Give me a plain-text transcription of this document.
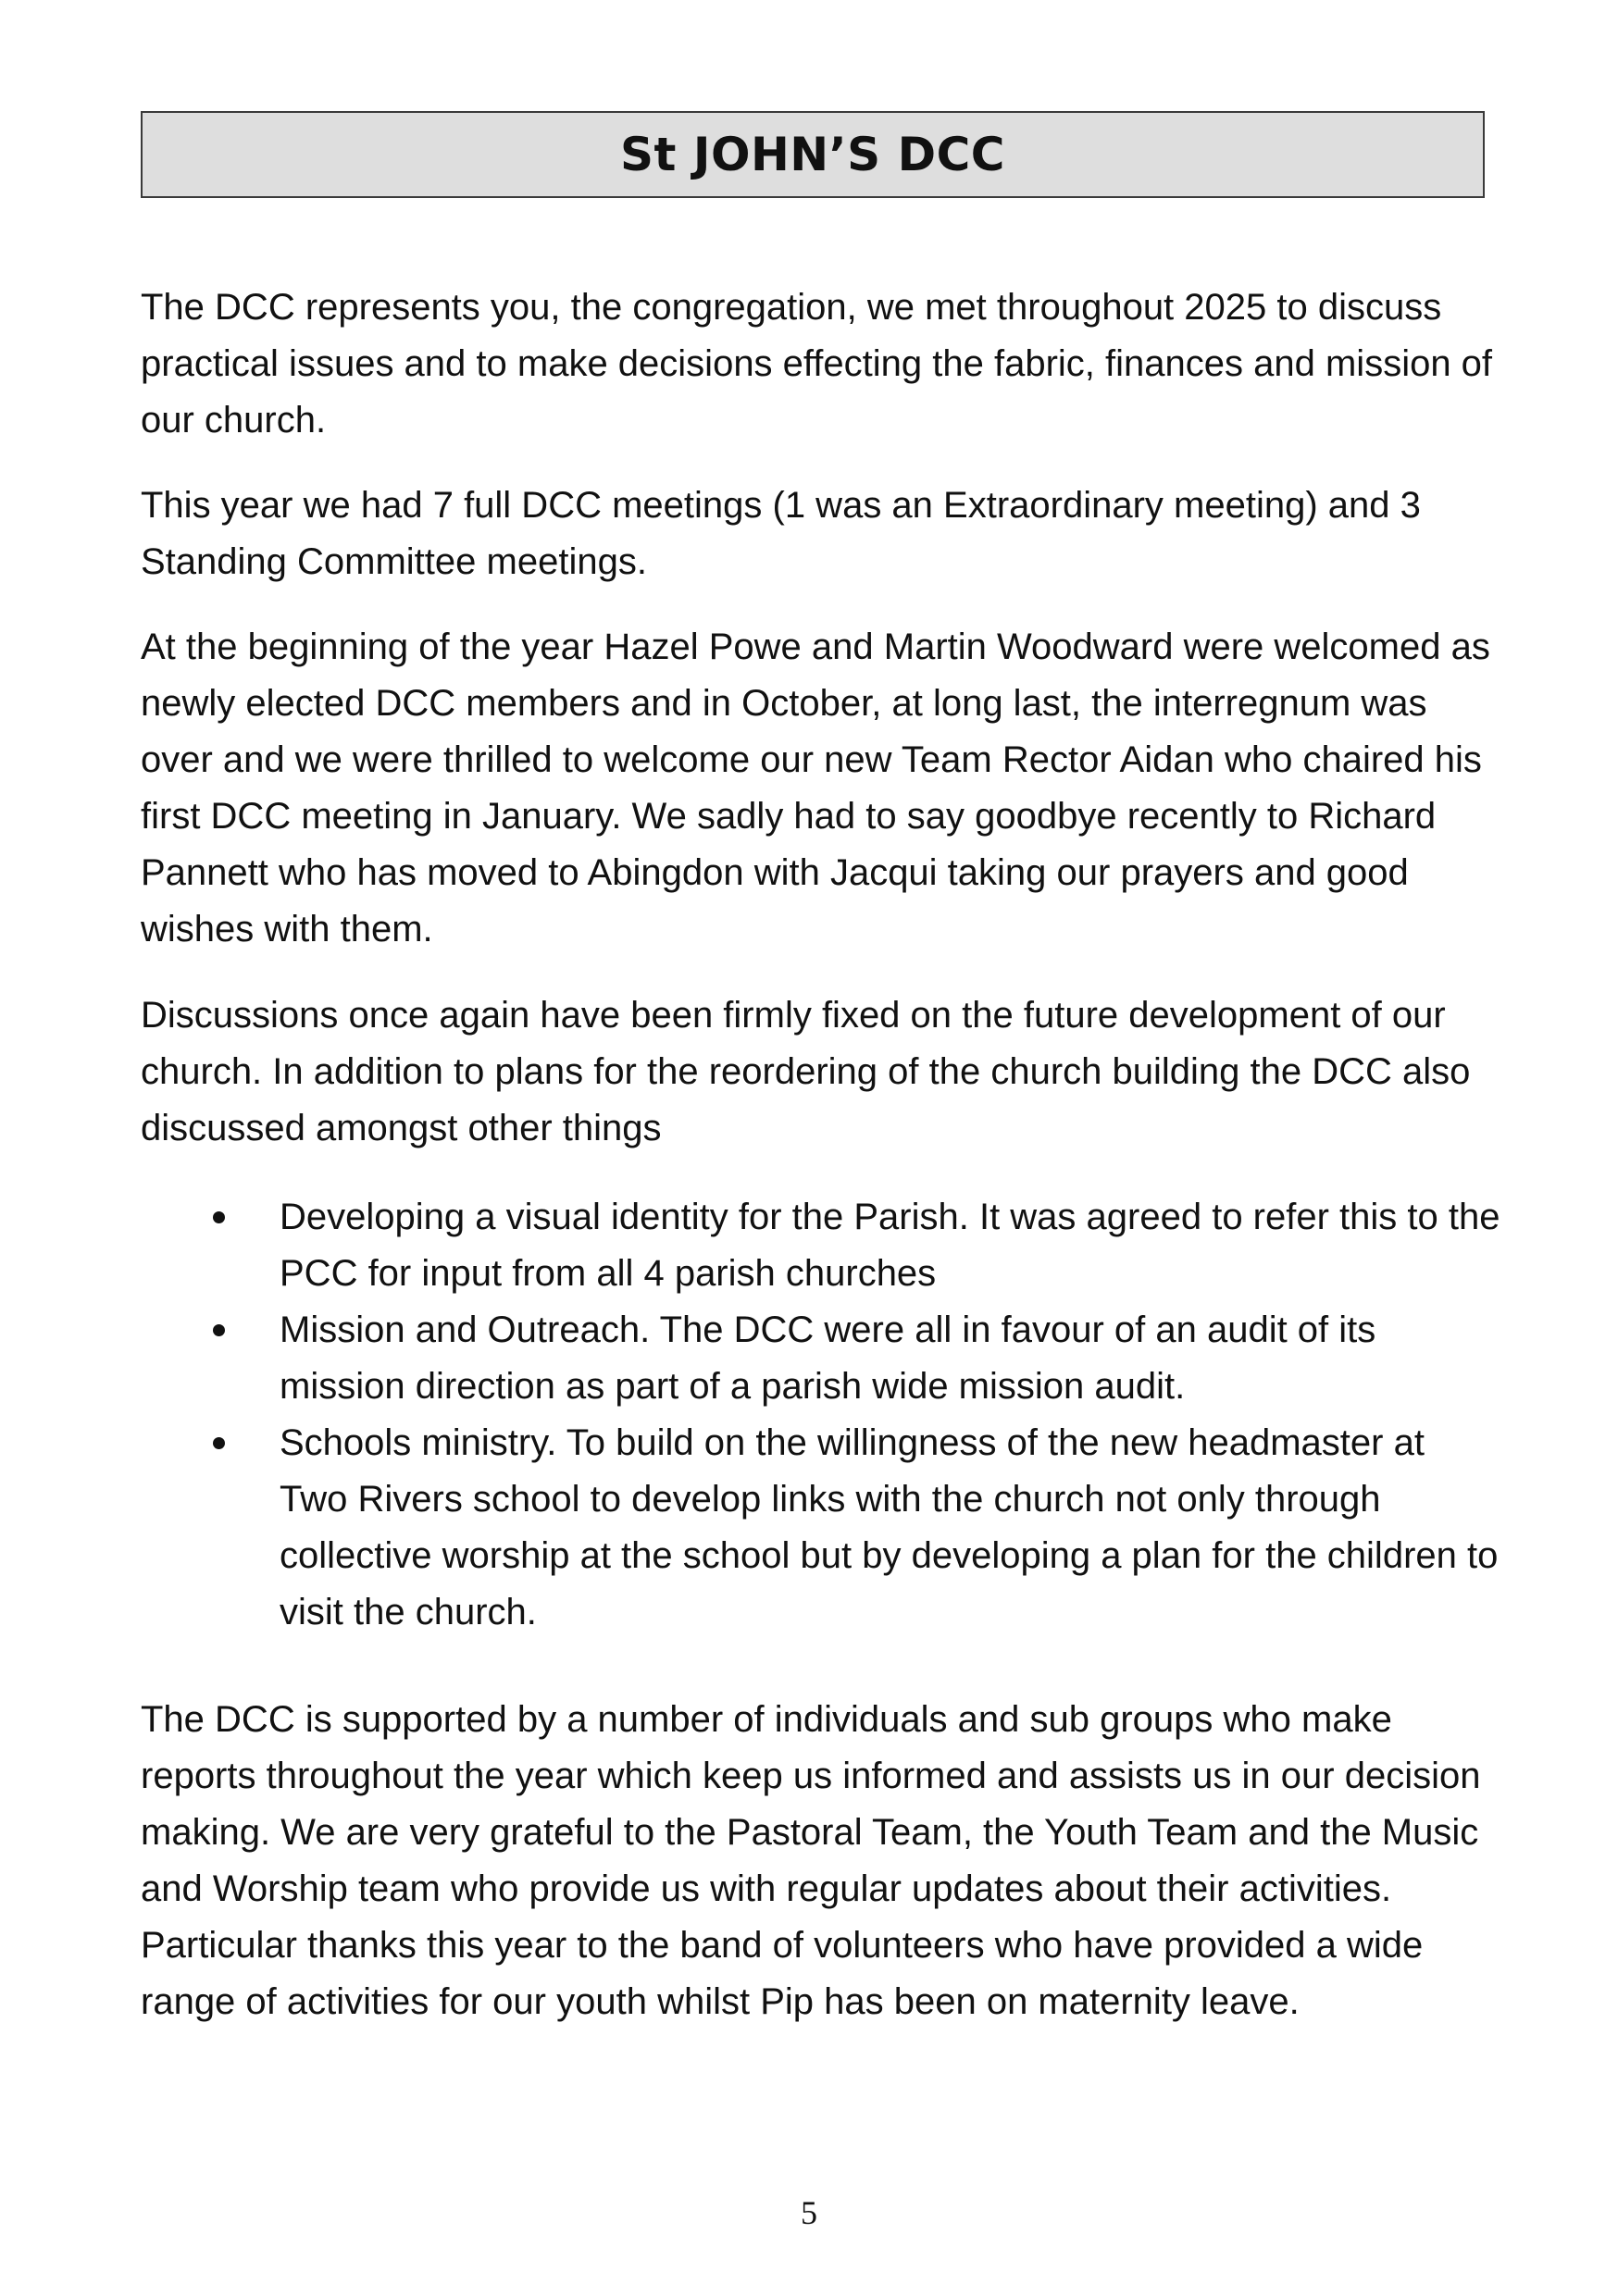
St JOHN’S DCC

The DCC represents you, the congregation, we met throughout 2025 to discuss practical issues and to make decisions effecting the fabric, finances and mission of our church.

This year we had 7 full DCC meetings (1 was an Extraordinary meeting) and 3 Standing Committee meetings.

At the beginning of the year Hazel Powe and Martin Woodward were welcomed as newly elected DCC members and in October, at long last, the interregnum was over and we were thrilled to welcome our new Team Rector Aidan who chaired his first DCC meeting in January. We sadly had to say goodbye recently to Richard Pannett who has moved to Abingdon with Jacqui taking our prayers and good wishes with them.

Discussions once again have been firmly fixed on the future development of our church. In addition to plans for the reordering of the church building the DCC also discussed amongst other things

Developing a visual identity for the Parish. It was agreed to refer this to the PCC for input from all 4 parish churches
Mission and Outreach. The DCC were all in favour of an audit of its mission direction as part of a parish wide mission audit.
Schools ministry. To build on the willingness of the new headmaster at Two Rivers school to develop links with the church not only through collective worship at the school but by developing a plan for the children to visit the church.

The DCC is supported by a number of individuals and sub groups who make reports throughout the year which keep us informed and assists us in our decision making. We are very grateful to the Pastoral Team, the Youth Team and the Music and Worship team who provide us with regular updates about their activities. Particular thanks this year to the band of volunteers who have provided a wide range of activities for our youth whilst Pip has been on maternity leave.

5
